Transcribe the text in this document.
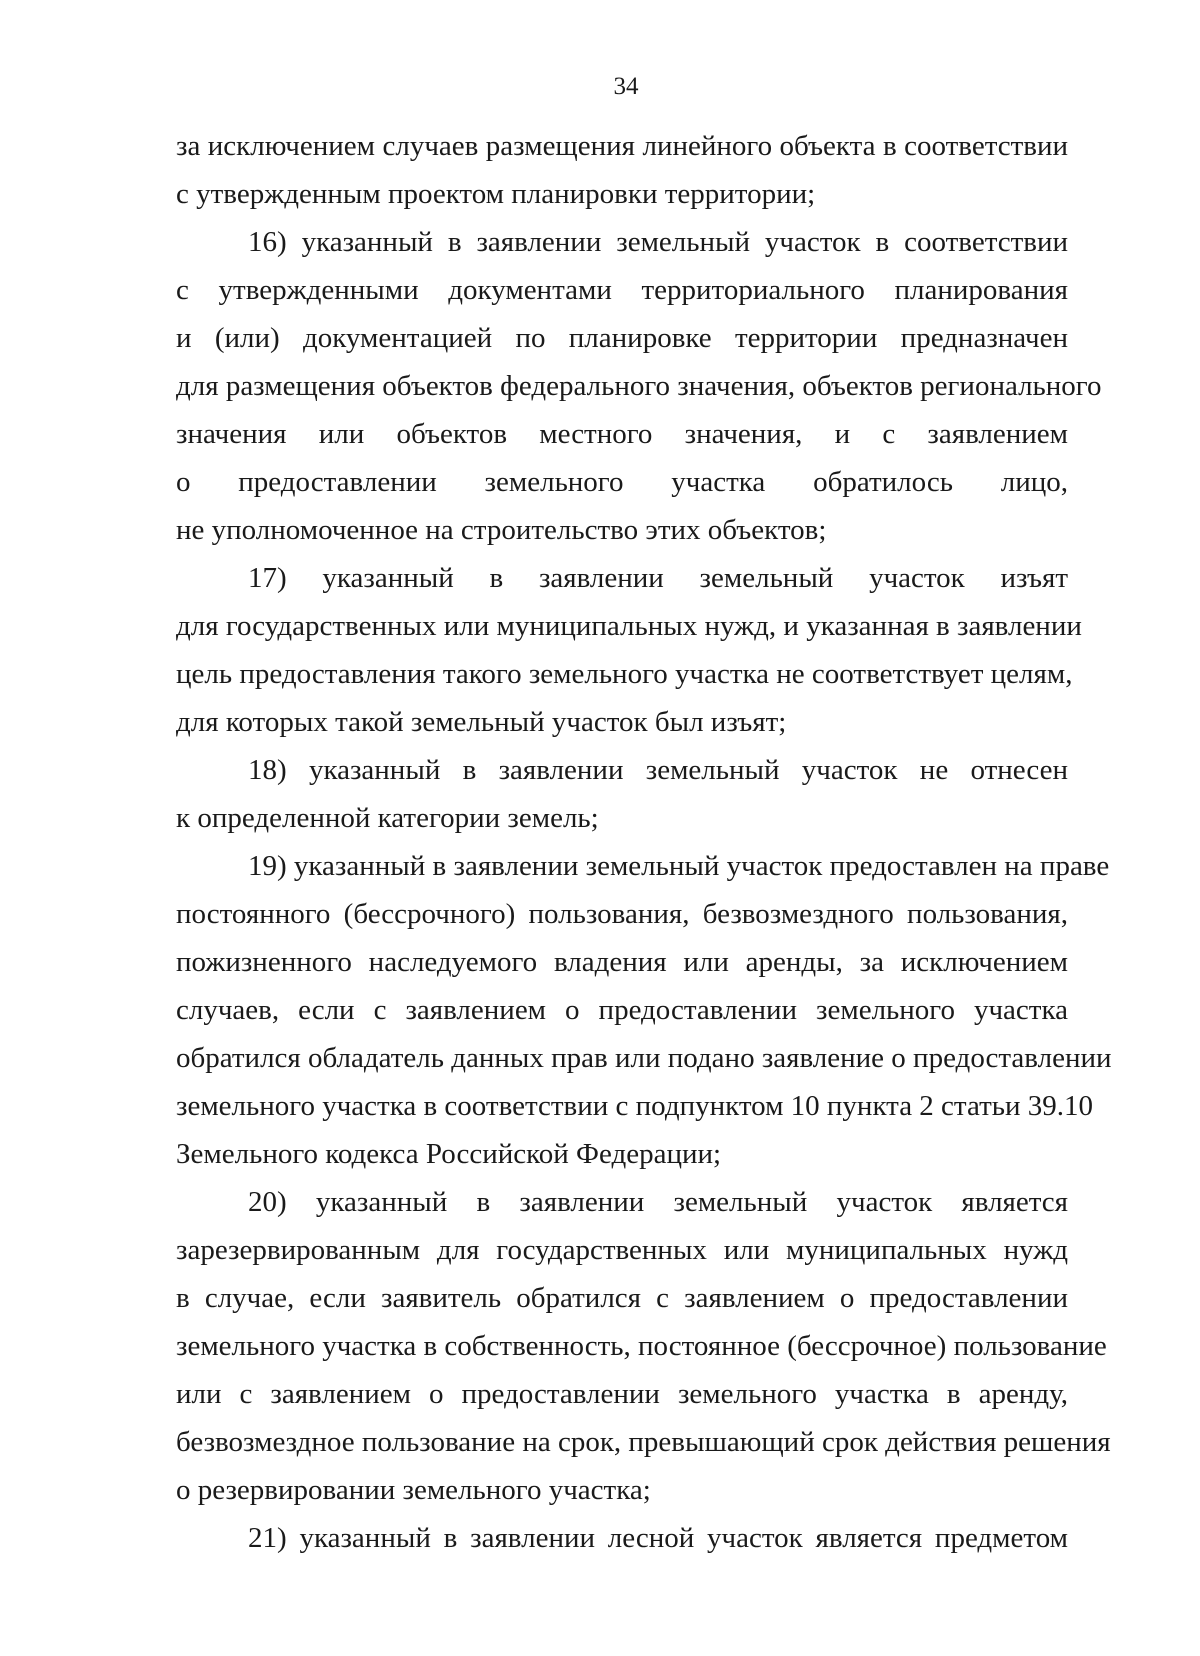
34
за исключением случаев размещения линейного объекта в соответствии
с утвержденным проектом планировки территории;
16) указанный в заявлении земельный участок в соответствии
с утвержденными документами территориального планирования
и (или) документацией по планировке территории предназначен
для размещения объектов федерального значения, объектов регионального
значения или объектов местного значения, и с заявлением
о предоставлении земельного участка обратилось лицо,
не уполномоченное на строительство этих объектов;
17) указанный в заявлении земельный участок изъят
для государственных или муниципальных нужд, и указанная в заявлении
цель предоставления такого земельного участка не соответствует целям,
для которых такой земельный участок был изъят;
18) указанный в заявлении земельный участок не отнесен
к определенной категории земель;
19) указанный в заявлении земельный участок предоставлен на праве
постоянного (бессрочного) пользования, безвозмездного пользования,
пожизненного наследуемого владения или аренды, за исключением
случаев, если с заявлением о предоставлении земельного участка
обратился обладатель данных прав или подано заявление о предоставлении
земельного участка в соответствии с подпунктом 10 пункта 2 статьи 39.10
Земельного кодекса Российской Федерации;
20) указанный в заявлении земельный участок является
зарезервированным для государственных или муниципальных нужд
в случае, если заявитель обратился с заявлением о предоставлении
земельного участка в собственность, постоянное (бессрочное) пользование
или с заявлением о предоставлении земельного участка в аренду,
безвозмездное пользование на срок, превышающий срок действия решения
о резервировании земельного участка;
21) указанный в заявлении лесной участок является предметом
